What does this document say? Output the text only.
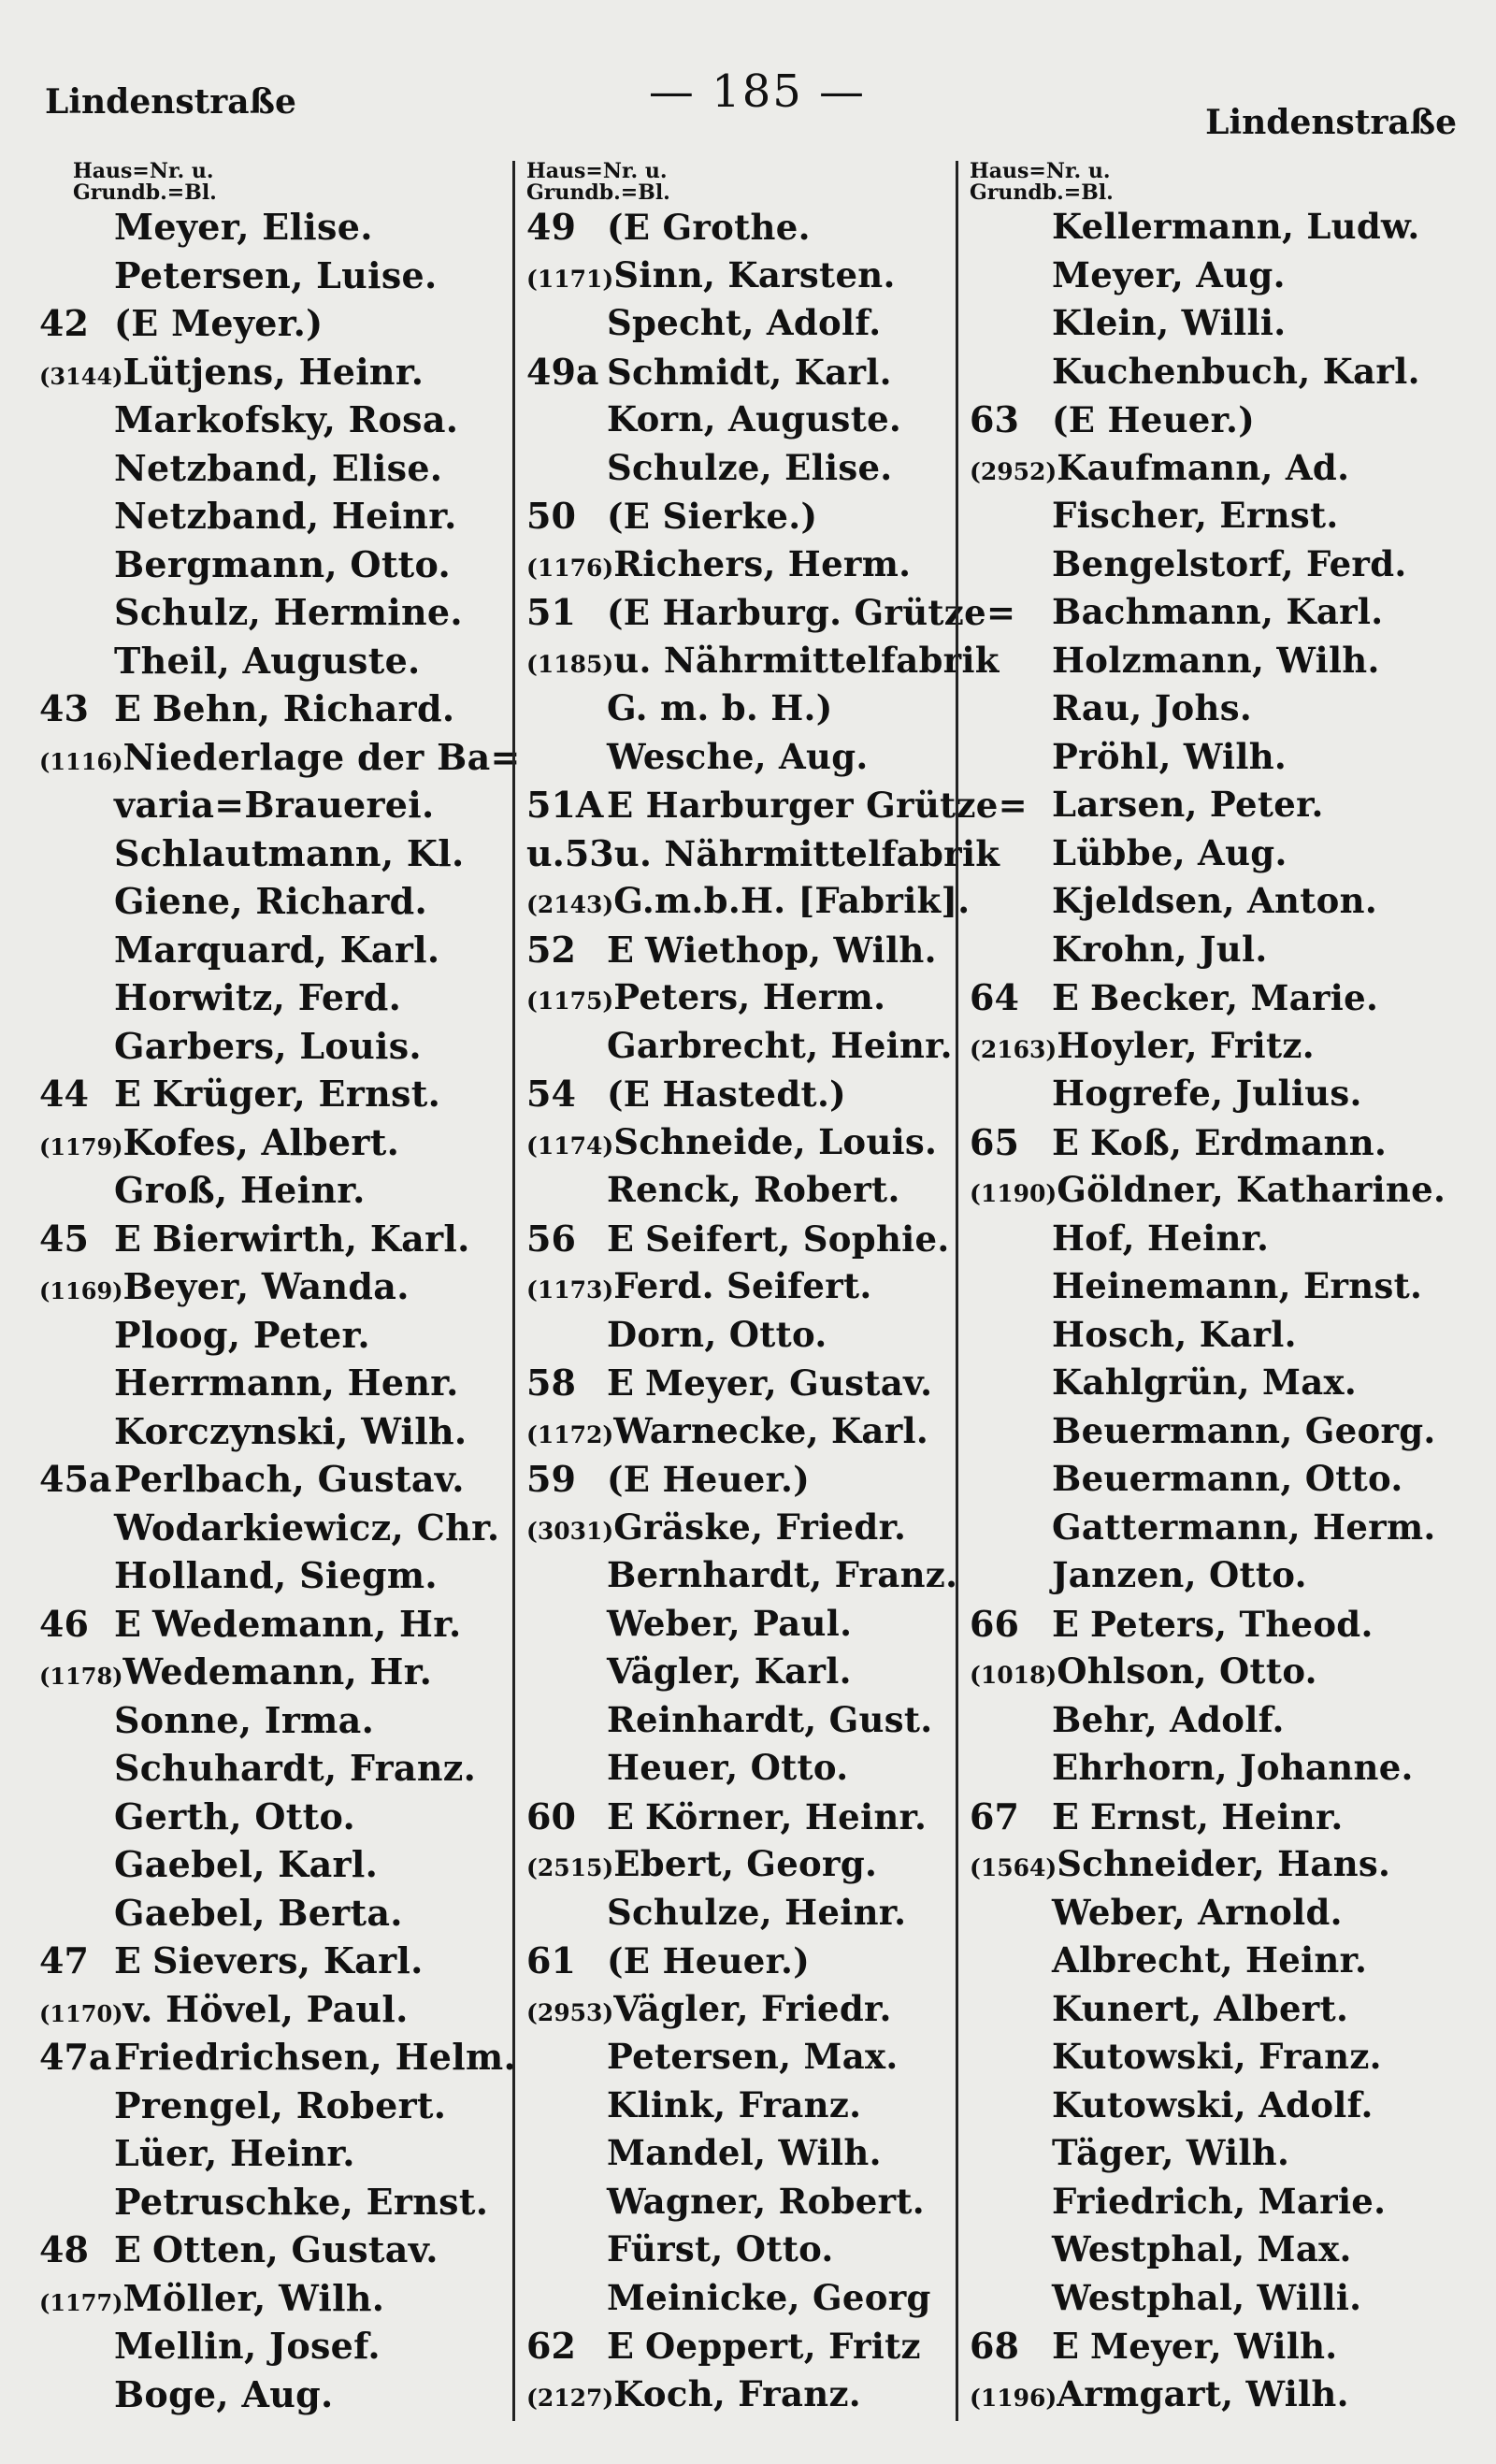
Lindenstraße	— 185 —
Lindenstraße
Haus=Nr. u.
Grundb.=Bl.
Meyer, Elise.
Petersen, Luise.
42 (E Meyer.)
(3144) Lütjens, Heinr.
Markofsky, Rosa.
Netzband, Elise.
Netzband, Heinr.
Bergmann, Otto.
Schulz, Hermine.
Theil, Auguste.
43 E Behn, Richard.
(1116) Niederlage der Ba=
varia=Brauerei.
Schlautmann, Kl.
Giene, Richard.
Marquard, Karl.
Horwitz, Ferd.
Garbers, Louis.
44 E Krüger, Ernst.
(1179) Kofes, Albert.
Groß, Heinr.
45 E Bierwirth, Karl.
(1169) Beyer, Wanda.
Ploog, Peter.
Herrmann, Henr.
Korczynski, Wilh.
45a Perlbach, Gustav.
Wodarkiewicz, Chr.
Holland, Siegm.
46 E Wedemann, Hr.
(1178) Wedemann, Hr.
Sonne, Irma.
Schuhardt, Franz.
Gerth, Otto.
Gaebel, Karl.
Gaebel, Berta.
47 E Sievers, Karl.
(1170) v. Hövel, Paul.
47a Friedrichsen, Helm.
Prengel, Robert.
Lüer, Heinr.
Petruschke, Ernst.
48 E Otten, Gustav.
(1177) Möller, Wilh.
Mellin, Josef.
Boge, Aug.
Haus=Nr. u.
Grundb.=Bl.
49 (E Grothe.
(1171) Sinn, Karsten.
Specht, Adolf.
49a Schmidt, Karl.
Korn, Auguste.
Schulze, Elise.
50 (E Sierke.)
(1176) Richers, Herm.
51 (E Harburg. Grütze=
(1185) u. Nährmittelfabrik
G. m. b. H.)
Wesche, Aug.
51A E Harburger Grütze=
u.53 u. Nährmittelfabrik
(2143) G.m.b.H. [Fabrik].
52 E Wiethop, Wilh.
(1175) Peters, Herm.
Garbrecht, Heinr.
54 (E Hastedt.)
(1174) Schneide, Louis.
Renck, Robert.
56 E Seifert, Sophie.
(1173) Ferd. Seifert.
Dorn, Otto.
58 E Meyer, Gustav.
(1172) Warnecke, Karl.
59 (E Heuer.)
(3031) Gräske, Friedr.
Bernhardt, Franz.
Weber, Paul.
Vägler, Karl.
Reinhardt, Gust.
Heuer, Otto.
60 E Körner, Heinr.
(2515) Ebert, Georg.
Schulze, Heinr.
61 (E Heuer.)
(2953) Vägler, Friedr.
Petersen, Max.
Klink, Franz.
Mandel, Wilh.
Wagner, Robert.
Fürst, Otto.
Meinicke, Georg
62 E Oeppert, Fritz
(2127) Koch, Franz.
Haus=Nr. u.
Grundb.=Bl.
Kellermann, Ludw.
Meyer, Aug.
Klein, Willi.
Kuchenbuch, Karl.
63 (E Heuer.)
(2952) Kaufmann, Ad.
Fischer, Ernst.
Bengelstorf, Ferd.
Bachmann, Karl.
Holzmann, Wilh.
Rau, Johs.
Pröhl, Wilh.
Larsen, Peter.
Lübbe, Aug.
Kjeldsen, Anton.
Krohn, Jul.
64 E Becker, Marie.
(2163) Hoyler, Fritz.
Hogrefe, Julius.
65 E Koß, Erdmann.
(1190) Göldner, Katharine.
Hof, Heinr.
Heinemann, Ernst.
Hosch, Karl.
Kahlgrün, Max.
Beuermann, Georg.
Beuermann, Otto.
Gattermann, Herm.
Janzen, Otto.
66 E Peters, Theod.
(1018) Ohlson, Otto.
Behr, Adolf.
Ehrhorn, Johanne.
67 E Ernst, Heinr.
(1564) Schneider, Hans.
Weber, Arnold.
Albrecht, Heinr.
Kunert, Albert.
Kutowski, Franz.
Kutowski, Adolf.
Täger, Wilh.
Friedrich, Marie.
Westphal, Max.
Westphal, Willi.
68 E Meyer, Wilh.
(1196) Armgart, Wilh.
